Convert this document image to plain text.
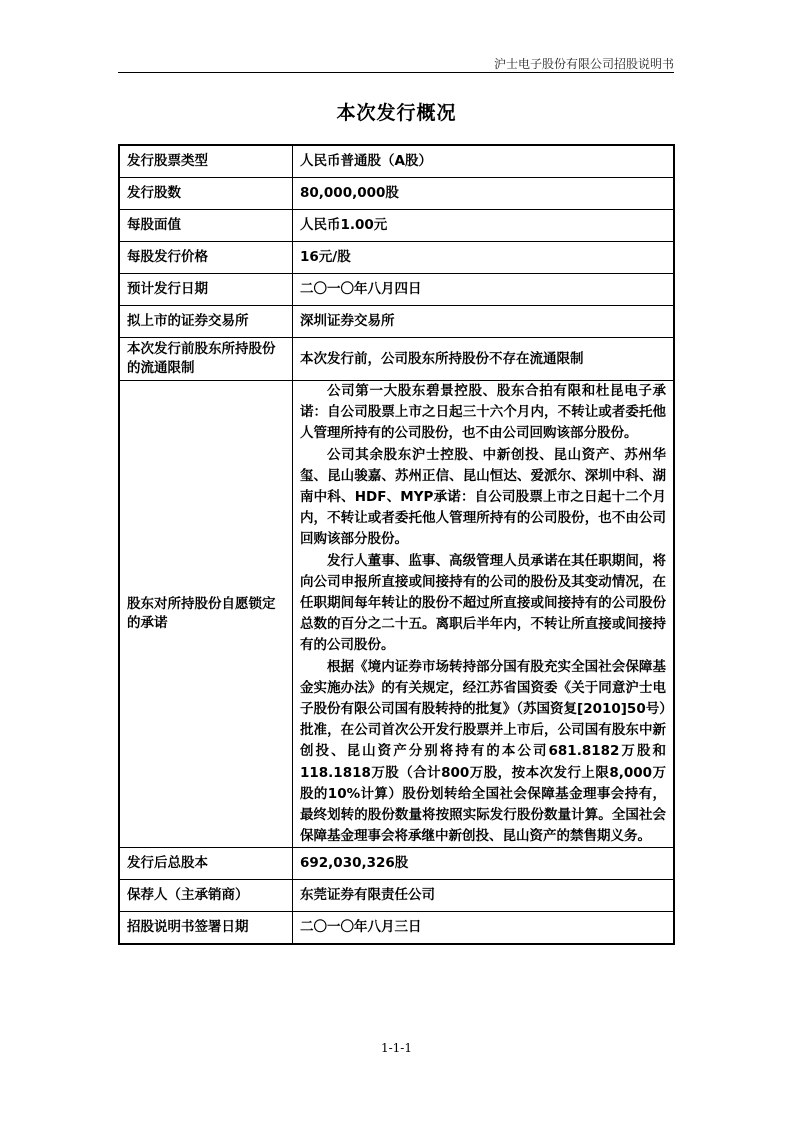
沪士电子股份有限公司招股说明书
本次发行概况
发行股票类型	人民币普通股（A股）
发行股数	80,000,000股
每股面值	人民币1.00元
每股发行价格	16元/股
预计发行日期	二〇一〇年八月四日
拟上市的证券交易所	深圳证券交易所
本次发行前股东所持股份的流通限制	本次发行前，公司股东所持股份不存在流通限制
股东对所持股份自愿锁定的承诺	公司第一大股东碧景控股、股东合拍有限和杜昆电子承诺：自公司股票上市之日起三十六个月内，不转让或者委托他人管理所持有的公司股份，也不由公司回购该部分股份。

公司其余股东沪士控股、中新创投、昆山资产、苏州华玺、昆山骏嘉、苏州正信、昆山恒达、爱派尔、深圳中科、湖南中科、HDF、MYP承诺：自公司股票上市之日起十二个月内，不转让或者委托他人管理所持有的公司股份，也不由公司回购该部分股份。

发行人董事、监事、高级管理人员承诺在其任职期间，将向公司申报所直接或间接持有的公司的股份及其变动情况，在任职期间每年转让的股份不超过所直接或间接持有的公司股份总数的百分之二十五。离职后半年内，不转让所直接或间接持有的公司股份。

根据《境内证券市场转持部分国有股充实全国社会保障基金实施办法》的有关规定，经江苏省国资委《关于同意沪士电子股份有限公司国有股转持的批复》（苏国资复[2010]50号）批准，在公司首次公开发行股票并上市后，公司国有股东中新创投、昆山资产分别将持有的本公司681.8182万股和118.1818万股（合计800万股，按本次发行上限8,000万股的10%计算）股份划转给全国社会保障基金理事会持有，最终划转的股份数量将按照实际发行股份数量计算。全国社会保障基金理事会将承继中新创投、昆山资产的禁售期义务。

发行后总股本	692,030,326股
保荐人（主承销商）	东莞证券有限责任公司
招股说明书签署日期	二〇一〇年八月三日
1-1-1
